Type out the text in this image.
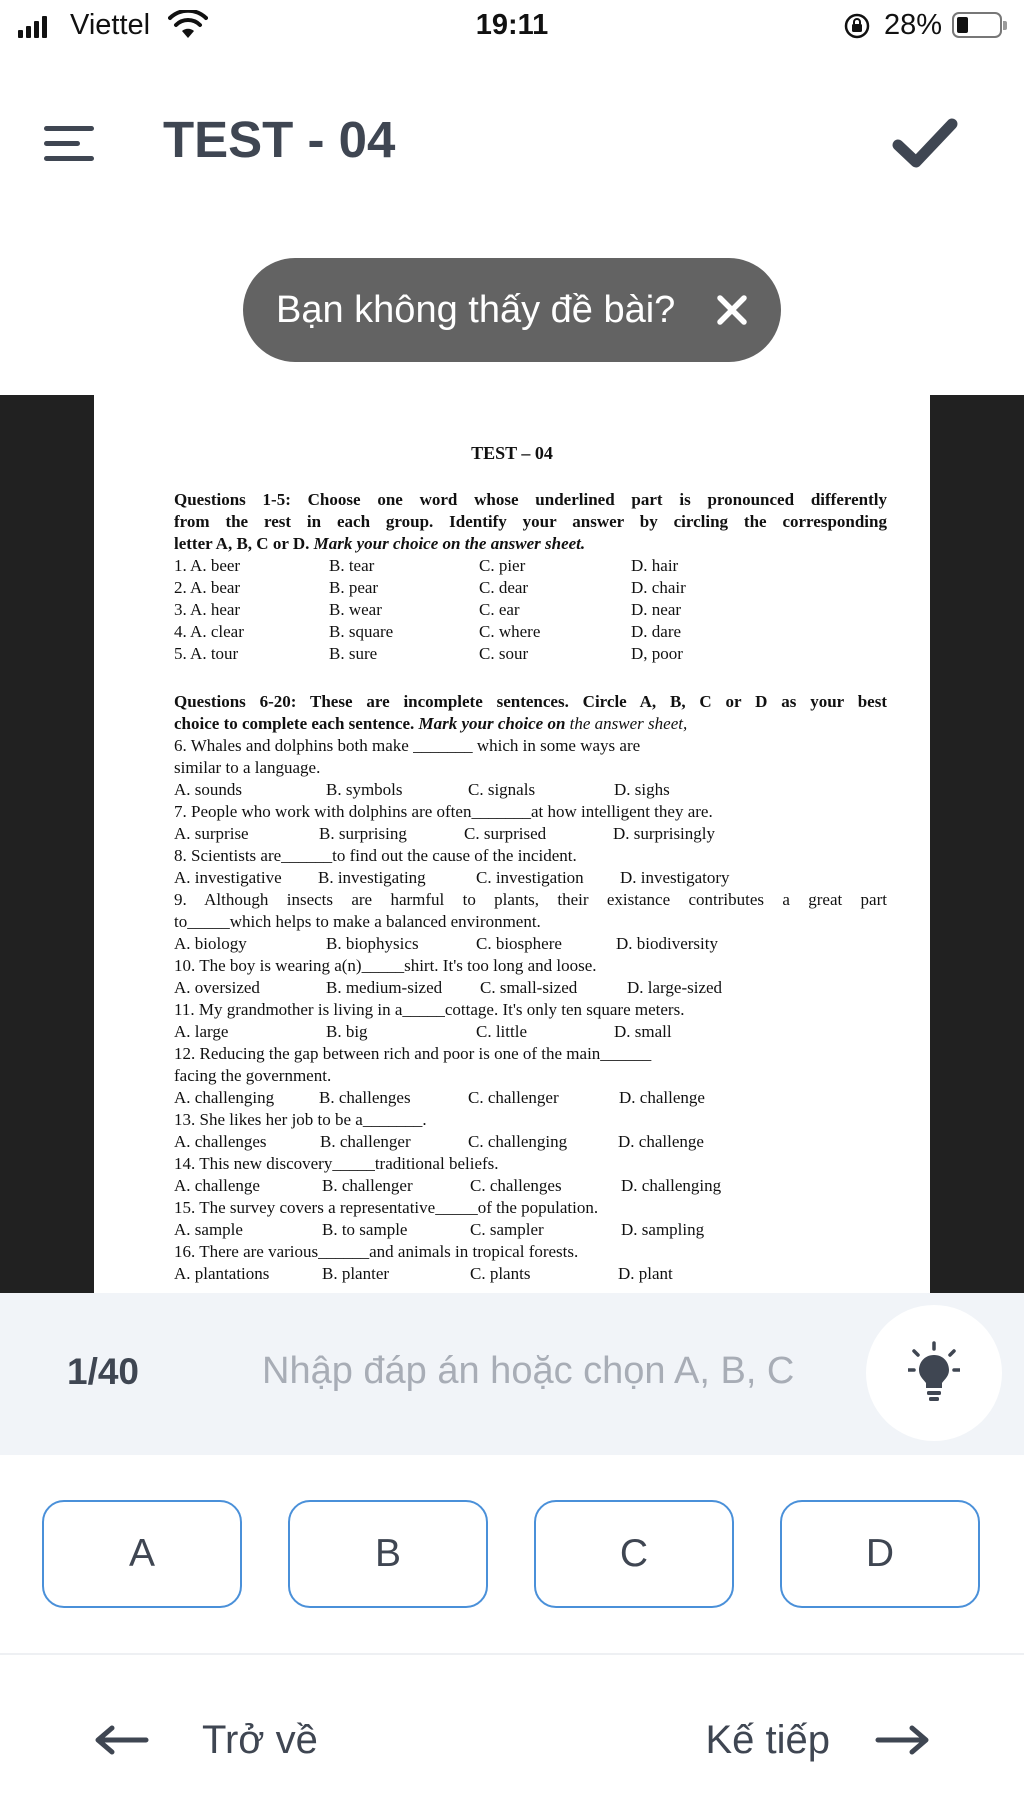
Viettel	19:11	28%
TEST - 04
Bạn không thấy đề bài?
TEST – 04
Questions 1-5: Choose one word whose underlined part is pronounced differently
from the rest in each group. Identify your answer by circling the corresponding
letter A, B, C or D. Mark your choice on the answer sheet.
1. A. beer	B. tear	C. pier	D. hair
2. A. bear	B. pear	C. dear	D. chair
3. A. hear	B. wear	C. ear	D. near
4. A. clear	B. square	C. where	D. dare
5. A. tour	B. sure	C. sour	D, poor
Questions 6-20: These are incomplete sentences. Circle A, B, C or D as your best
choice to complete each sentence. Mark your choice on the answer sheet,
6. Whales and dolphins both make _______ which in some ways are
similar to a language.
A. sounds	B. symbols	C. signals	D. sighs
7. People who work with dolphins are often_______at how intelligent they are.
A. surprise	B. surprising	C. surprised	D. surprisingly
8. Scientists are______to find out the cause of the incident.
A. investigative B. investigating	C. investigation D. investigatory
9. Although insects are harmful to plants, their existance contributes a great part
to_____which helps to make a balanced environment.
A. biology	B. biophysics	C. biosphere	D. biodiversity
10. The boy is wearing a(n)_____shirt. It's too long and loose.
A. oversized	B. medium-sized C. small-sized	D. large-sized
11. My grandmother is living in a_____cottage. It's only ten square meters.
A. large	B. big	C. little	D. small
12. Reducing the gap between rich and poor is one of the main______
facing the government.
A. challenging	B. challenges	C. challenger	D. challenge
13. She likes her job to be a_______.
A. challenges	B. challenger	C. challenging	D. challenge
14. This new discovery_____traditional beliefs.
A. challenge	B. challenger	C. challenges	D. challenging
15. The survey covers a representative_____of the population.
A. sample	B. to sample	C. sampler	D. sampling
16. There are various______and animals in tropical forests.
A. plantations	B. planter	C. plants	D. plant
1/40
Nhập đáp án hoặc chọn A, B, C
A	B	C	D
Trở về	Kế tiếp
